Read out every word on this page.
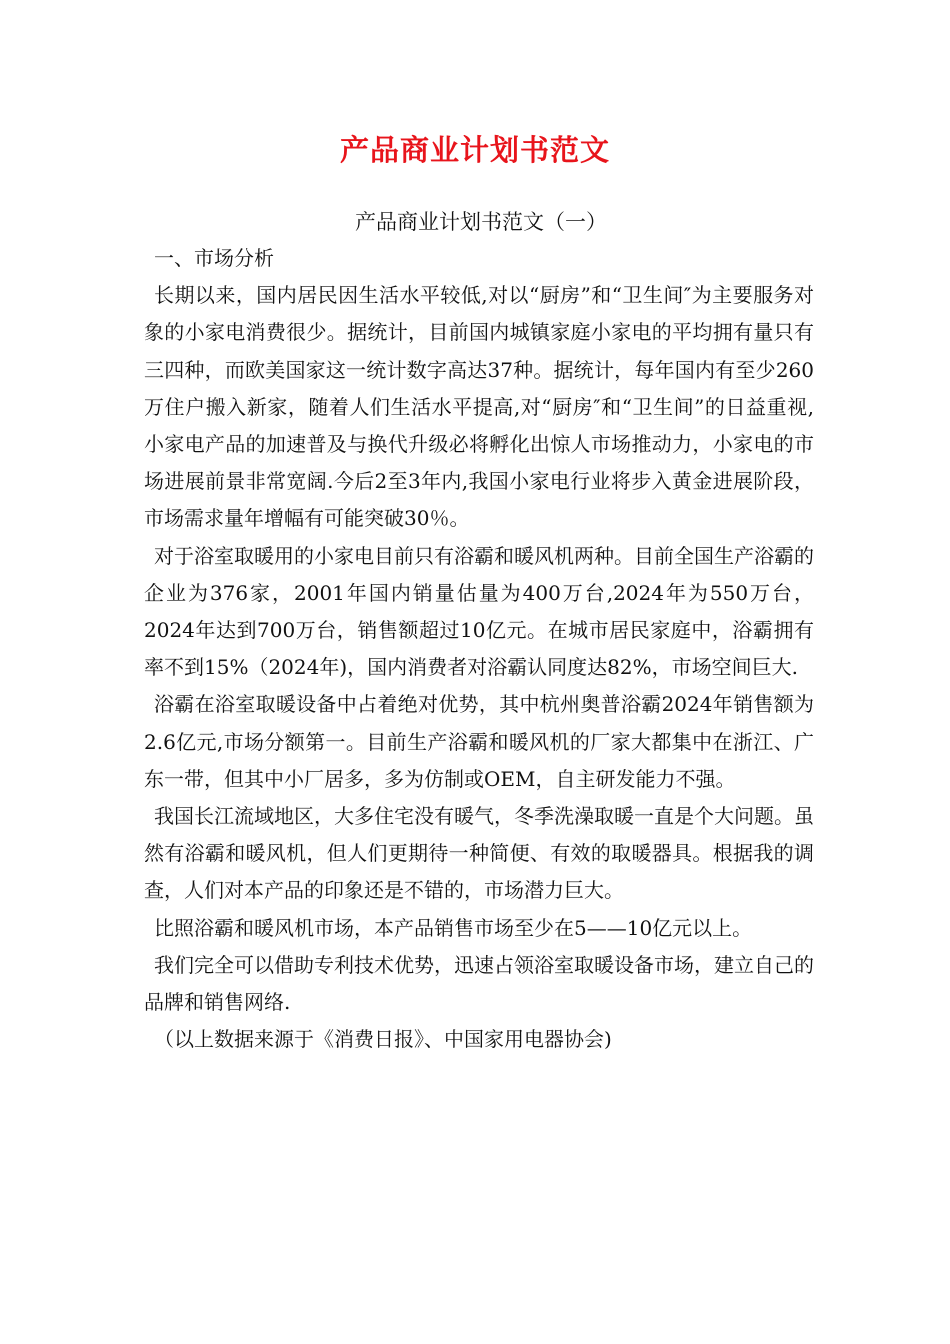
产品商业计划书范文
产品商业计划书范文（一）

一、市场分析

长期以来，国内居民因生活水平较低,对以“厨房”和“卫生间″为主要服务对象的小家电消费很少。据统计，目前国内城镇家庭小家电的平均拥有量只有三四种，而欧美国家这一统计数字高达37种。据统计，每年国内有至少260万住户搬入新家，随着人们生活水平提高,对“厨房″和“卫生间”的日益重视,小家电产品的加速普及与换代升级必将孵化出惊人市场推动力，小家电的市场进展前景非常宽阔.今后2至3年内,我国小家电行业将步入黄金进展阶段，市场需求量年增幅有可能突破30％。

对于浴室取暖用的小家电目前只有浴霸和暖风机两种。目前全国生产浴霸的企业为376家，2001年国内销量估量为400万台,2024年为550万台，2024年达到700万台，销售额超过10亿元。在城市居民家庭中，浴霸拥有率不到15%（2024年)，国内消费者对浴霸认同度达82%，市场空间巨大.

浴霸在浴室取暖设备中占着绝对优势，其中杭州奥普浴霸2024年销售额为2.6亿元,市场分额第一。目前生产浴霸和暖风机的厂家大都集中在浙江、广东一带，但其中小厂居多，多为仿制或OEM，自主研发能力不强。

我国长江流域地区，大多住宅没有暖气，冬季洗澡取暖一直是个大问题。虽然有浴霸和暖风机，但人们更期待一种简便、有效的取暖器具。根据我的调查，人们对本产品的印象还是不错的，市场潜力巨大。

比照浴霸和暖风机市场，本产品销售市场至少在5——10亿元以上。

我们完全可以借助专利技术优势，迅速占领浴室取暖设备市场，建立自己的品牌和销售网络.

（以上数据来源于《消费日报》、中国家用电器协会)
